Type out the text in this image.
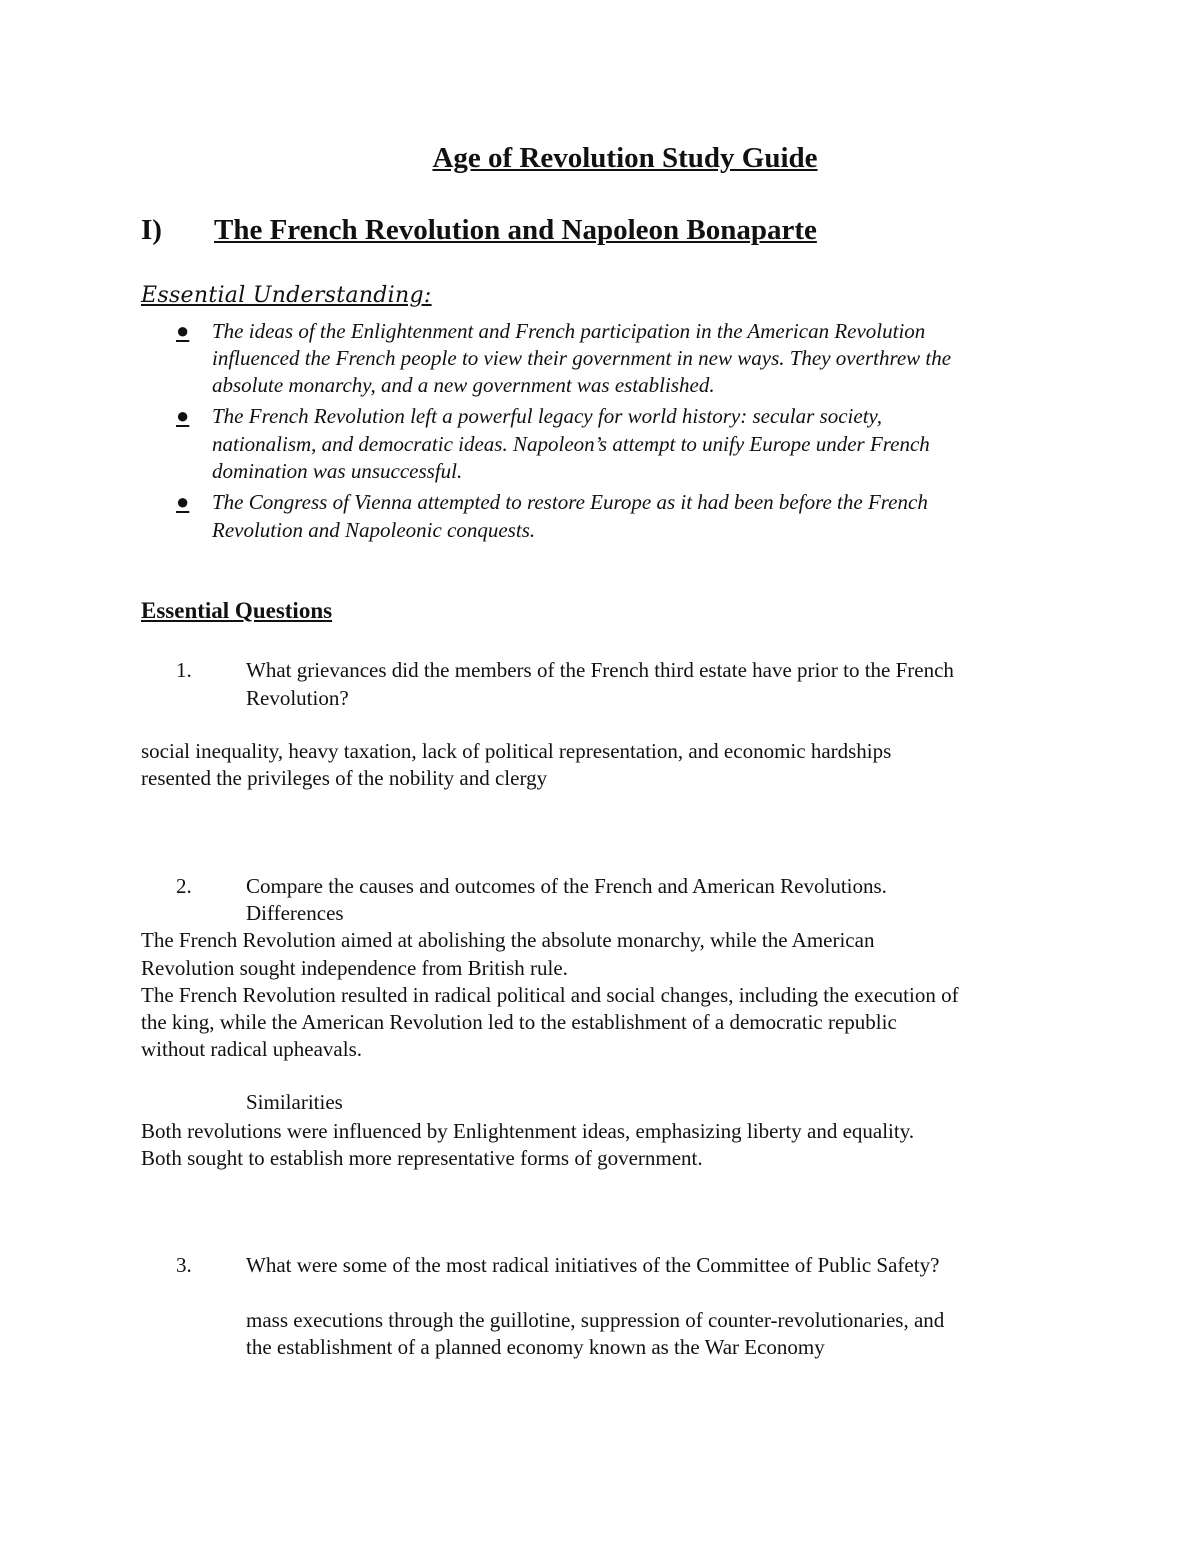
Age of Revolution Study Guide
I) The French Revolution and Napoleon Bonaparte
Essential Understanding:
●	The ideas of the Enlightenment and French participation in the American Revolution
influenced the French people to view their government in new ways. They overthrew the
absolute monarchy, and a new government was established.
●	The French Revolution left a powerful legacy for world history: secular society,
nationalism, and democratic ideas. Napoleon’s attempt to unify Europe under French
domination was unsuccessful.
●	The Congress of Vienna attempted to restore Europe as it had been before the French
Revolution and Napoleonic conquests.
Essential Questions
1.	What grievances did the members of the French third estate have prior to the French
Revolution?
social inequality, heavy taxation, lack of political representation, and economic hardships
resented the privileges of the nobility and clergy
2.	Compare the causes and outcomes of the French and American Revolutions.
Differences
The French Revolution aimed at abolishing the absolute monarchy, while the American
Revolution sought independence from British rule.
The French Revolution resulted in radical political and social changes, including the execution of
the king, while the American Revolution led to the establishment of a democratic republic
without radical upheavals.
Similarities
Both revolutions were influenced by Enlightenment ideas, emphasizing liberty and equality.
Both sought to establish more representative forms of government.
3.	What were some of the most radical initiatives of the Committee of Public Safety?
mass executions through the guillotine, suppression of counter-revolutionaries, and
the establishment of a planned economy known as the War Economy
